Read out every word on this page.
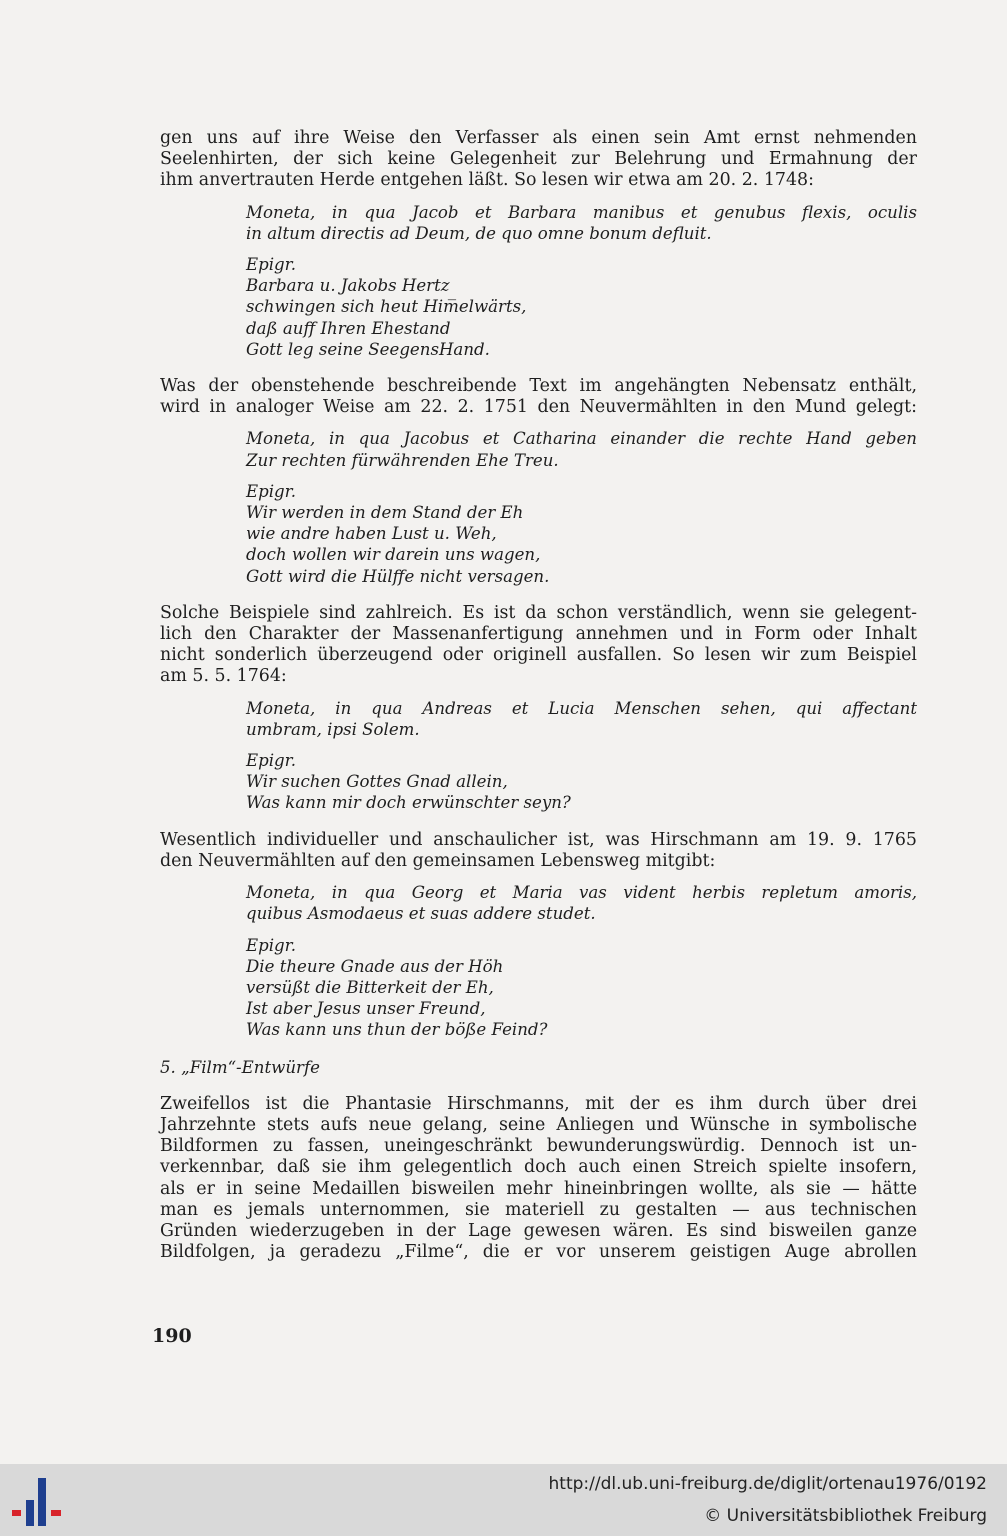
gen uns auf ihre Weise den Verfasser als einen sein Amt ernst nehmenden
Seelenhirten, der sich keine Gelegenheit zur Belehrung und Ermahnung der
ihm anvertrauten Herde entgehen läßt. So lesen wir etwa am 20. 2. 1748:

Moneta, in qua Jacob et Barbara manibus et genubus flexis, oculis
in altum directis ad Deum, de quo omne bonum defluit.
Epigr.
Barbara u. Jakobs Hertz
schwingen sich heut Him̅elwärts,
daß auff Ihren Ehestand
Gott leg seine SeegensHand.

Was der obenstehende beschreibende Text im angehängten Nebensatz enthält,
wird in analoger Weise am 22. 2. 1751 den Neuvermählten in den Mund gelegt:

Moneta, in qua Jacobus et Catharina einander die rechte Hand geben
Zur rechten fürwährenden Ehe Treu.
Epigr.
Wir werden in dem Stand der Eh
wie andre haben Lust u. Weh,
doch wollen wir darein uns wagen,
Gott wird die Hülffe nicht versagen.

Solche Beispiele sind zahlreich. Es ist da schon verständlich, wenn sie gelegent-
lich den Charakter der Massenanfertigung annehmen und in Form oder Inhalt
nicht sonderlich überzeugend oder originell ausfallen. So lesen wir zum Beispiel
am 5. 5. 1764:

Moneta, in qua Andreas et Lucia Menschen sehen, qui affectant
umbram, ipsi Solem.
Epigr.
Wir suchen Gottes Gnad allein,
Was kann mir doch erwünschter seyn?

Wesentlich individueller und anschaulicher ist, was Hirschmann am 19. 9. 1765
den Neuvermählten auf den gemeinsamen Lebensweg mitgibt:

Moneta, in qua Georg et Maria vas vident herbis repletum amoris,
quibus Asmodaeus et suas addere studet.
Epigr.
Die theure Gnade aus der Höh
versüßt die Bitterkeit der Eh,
Ist aber Jesus unser Freund,
Was kann uns thun der böße Feind?

5. „Film“-Entwürfe

Zweifellos ist die Phantasie Hirschmanns, mit der es ihm durch über drei
Jahrzehnte stets aufs neue gelang, seine Anliegen und Wünsche in symbolische
Bildformen zu fassen, uneingeschränkt bewunderungswürdig. Dennoch ist un-
verkennbar, daß sie ihm gelegentlich doch auch einen Streich spielte insofern,
als er in seine Medaillen bisweilen mehr hineinbringen wollte, als sie — hätte
man es jemals unternommen, sie materiell zu gestalten — aus technischen
Gründen wiederzugeben in der Lage gewesen wären. Es sind bisweilen ganze
Bildfolgen, ja geradezu „Filme“, die er vor unserem geistigen Auge abrollen

190
http://dl.ub.uni-freiburg.de/diglit/ortenau1976/0192
© Universitätsbibliothek Freiburg
